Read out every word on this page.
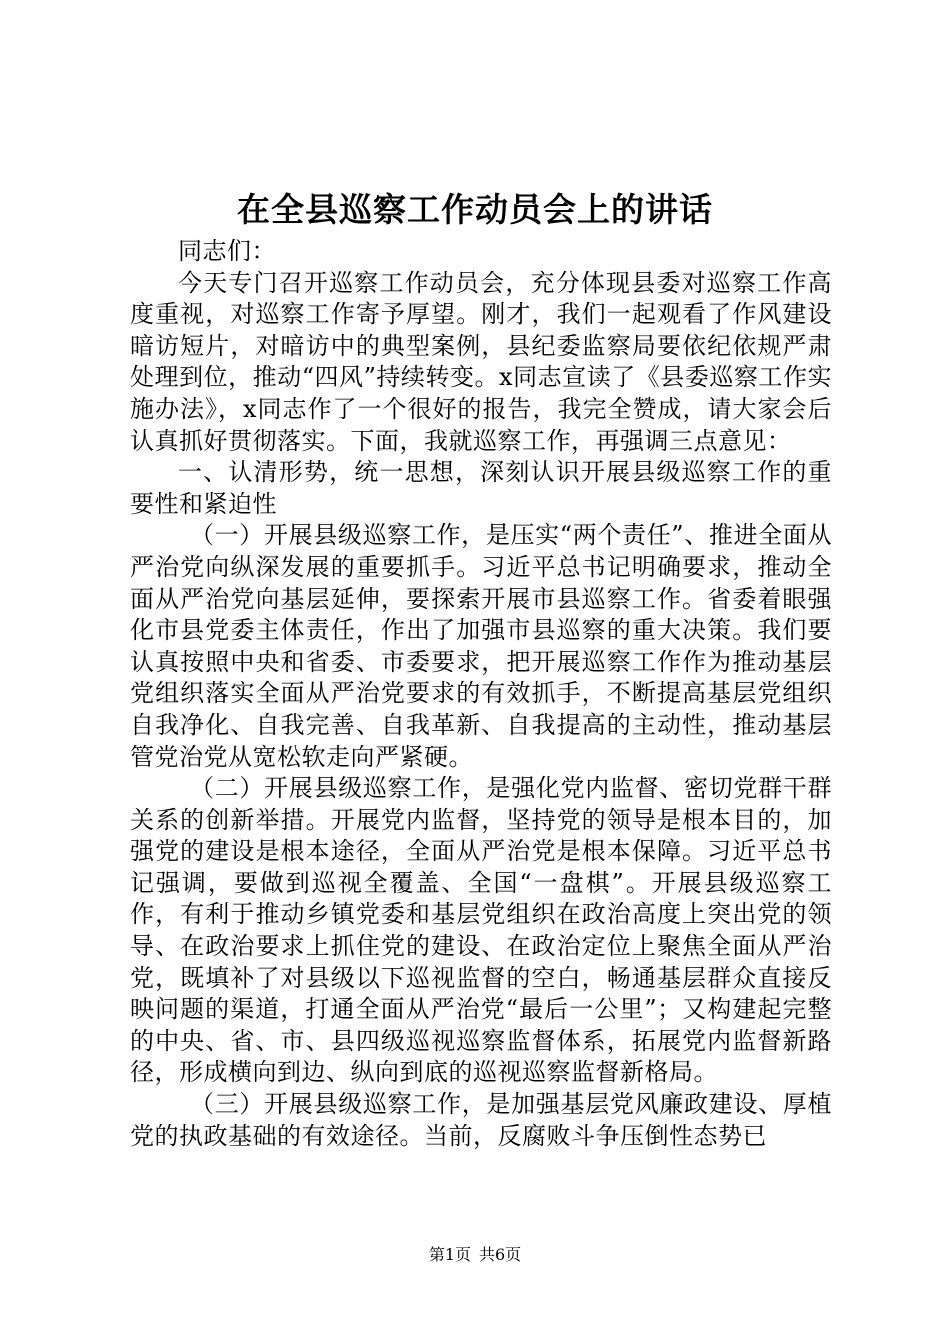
在全县巡察工作动员会上的讲话

同志们：

今天专门召开巡察工作动员会，充分体现县委对巡察工作高度重视，对巡察工作寄予厚望。刚才，我们一起观看了作风建设暗访短片，对暗访中的典型案例，县纪委监察局要依纪依规严肃处理到位，推动“四风”持续转变。x同志宣读了《县委巡察工作实施办法》，x同志作了一个很好的报告，我完全赞成，请大家会后认真抓好贯彻落实。下面，我就巡察工作，再强调三点意见：

一、认清形势，统一思想，深刻认识开展县级巡察工作的重要性和紧迫性

（一）开展县级巡察工作，是压实“两个责任”、推进全面从严治党向纵深发展的重要抓手。习近平总书记明确要求，推动全面从严治党向基层延伸，要探索开展市县巡察工作。省委着眼强化市县党委主体责任，作出了加强市县巡察的重大决策。我们要认真按照中央和省委、市委要求，把开展巡察工作作为推动基层党组织落实全面从严治党要求的有效抓手，不断提高基层党组织自我净化、自我完善、自我革新、自我提高的主动性，推动基层管党治党从宽松软走向严紧硬。

（二）开展县级巡察工作，是强化党内监督、密切党群干群关系的创新举措。开展党内监督，坚持党的领导是根本目的，加强党的建设是根本途径，全面从严治党是根本保障。习近平总书记强调，要做到巡视全覆盖、全国“一盘棋”。开展县级巡察工作，有利于推动乡镇党委和基层党组织在政治高度上突出党的领导、在政治要求上抓住党的建设、在政治定位上聚焦全面从严治党，既填补了对县级以下巡视监督的空白，畅通基层群众直接反映问题的渠道，打通全面从严治党“最后一公里”；又构建起完整的中央、省、市、县四级巡视巡察监督体系，拓展党内监督新路径，形成横向到边、纵向到底的巡视巡察监督新格局。

（三）开展县级巡察工作，是加强基层党风廉政建设、厚植党的执政基础的有效途径。当前，反腐败斗争压倒性态势已

第1页 共6页
